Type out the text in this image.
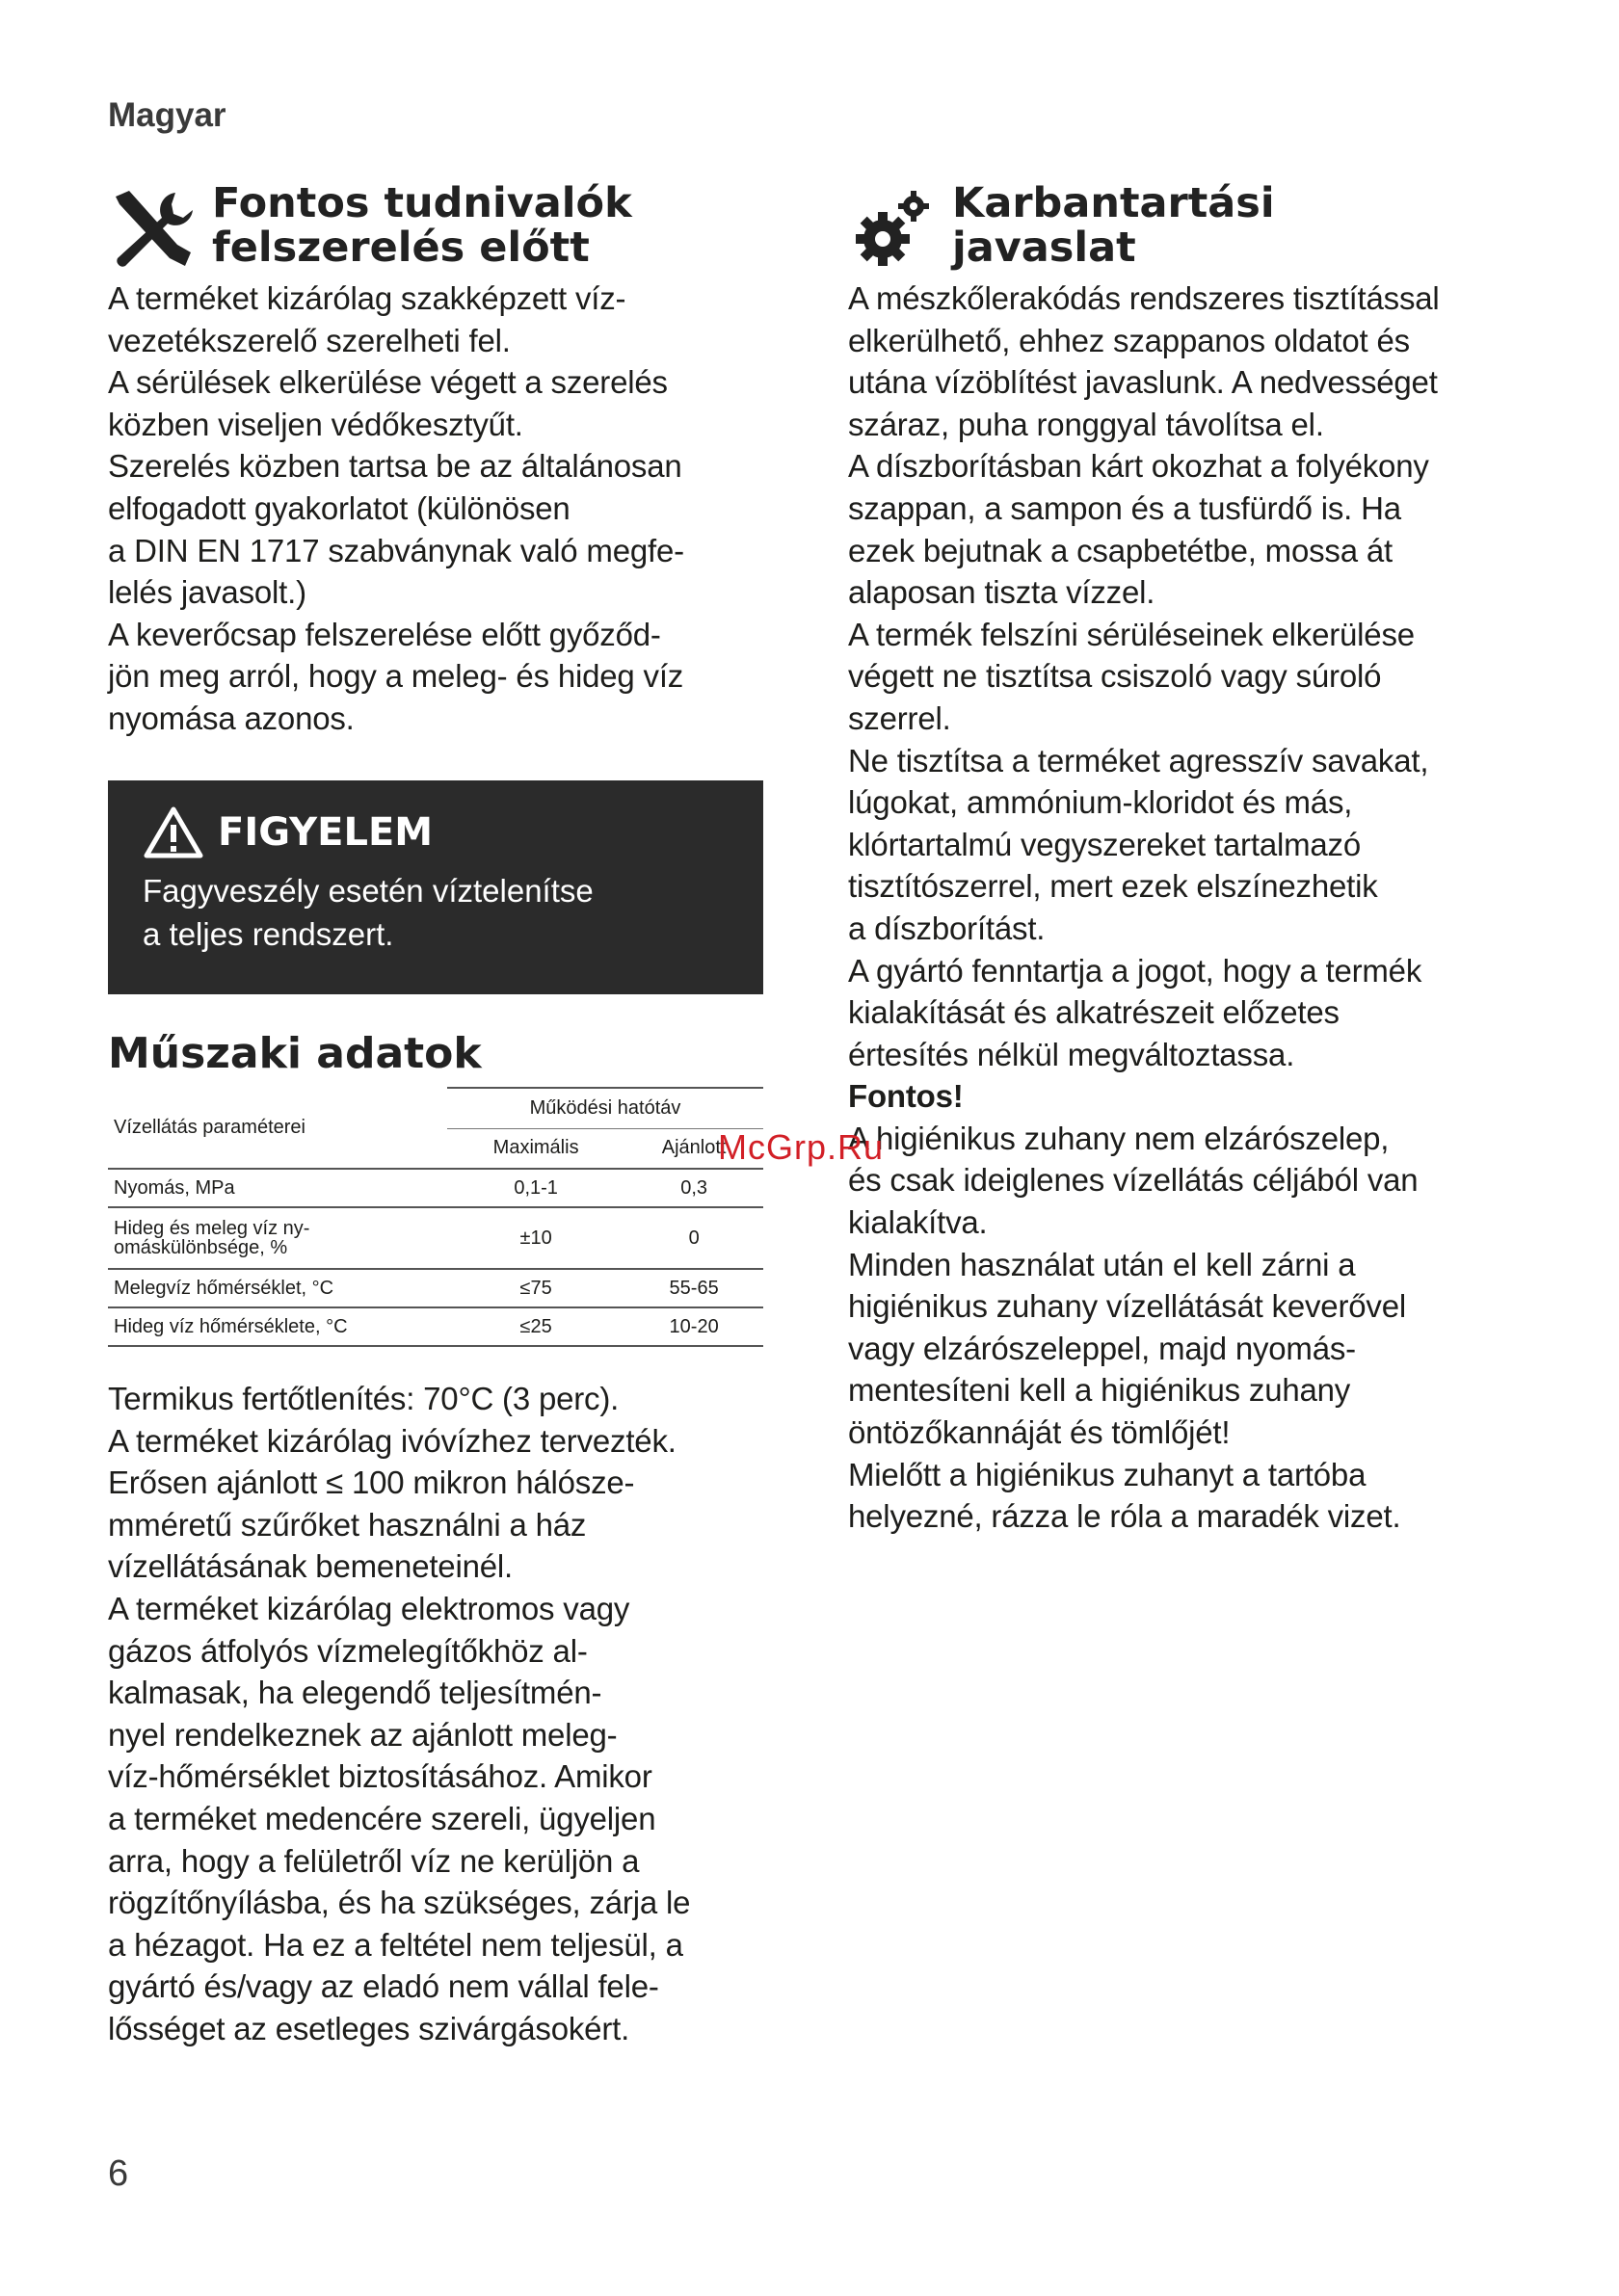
Magyar
Fontos tudnivalók
felszerelés előtt
A terméket kizárólag szakképzett víz-
vezetékszerelő szerelheti fel.
A sérülések elkerülése végett a szerelés
közben viseljen védőkesztyűt.
Szerelés közben tartsa be az általánosan
elfogadott gyakorlatot (különösen
a DIN EN 1717 szabványnak való megfe-
lelés javasolt.)
A keverőcsap felszerelése előtt győződ-
jön meg arról, hogy a meleg- és hideg víz
nyomása azonos.
FIGYELEM
Fagyveszély esetén víztelenítse
a teljes rendszert.
Műszaki adatok
Vízellátás paraméterei	Működési hatótáv	
	Maximális	Ajánlott
Nyomás, MPa	0,1-1	0,3
Hideg és meleg víz ny-
omáskülönbsége, %	±10	0
Melegvíz hőmérséklet, °C	≤75	55-65
Hideg víz hőmérséklete, °C	≤25	10-20
Termikus fertőtlenítés: 70°C (3 perc).
A terméket kizárólag ivóvízhez tervezték.
Erősen ajánlott ≤ 100 mikron hálósze-
mméretű szűrőket használni a ház
vízellátásának bemeneteinél.
A terméket kizárólag elektromos vagy
gázos átfolyós vízmelegítőkhöz al-
kalmasak, ha elegendő teljesítmén-
nyel rendelkeznek az ajánlott meleg-
víz-hőmérséklet biztosításához. Amikor
a terméket medencére szereli, ügyeljen
arra, hogy a felületről víz ne kerüljön a
rögzítőnyílásba, és ha szükséges, zárja le
a hézagot. Ha ez a feltétel nem teljesül, a
gyártó és/vagy az eladó nem vállal fele-
lősséget az esetleges szivárgásokért.
Karbantartási
javaslat
A mészkőlerakódás rendszeres tisztítással
elkerülhető, ehhez szappanos oldatot és
utána vízöblítést javaslunk. A nedvességet
száraz, puha ronggyal távolítsa el.
A díszborításban kárt okozhat a folyékony
szappan, a sampon és a tusfürdő is. Ha
ezek bejutnak a csapbetétbe, mossa át
alaposan tiszta vízzel.
A termék felszíni sérüléseinek elkerülése
végett ne tisztítsa csiszoló vagy súroló
szerrel.
Ne tisztítsa a terméket agresszív savakat,
lúgokat, ammónium-kloridot és más,
klórtartalmú vegyszereket tartalmazó
tisztítószerrel, mert ezek elszínezhetik
a díszborítást.
A gyártó fenntartja a jogot, hogy a termék
kialakítását és alkatrészeit előzetes
értesítés nélkül megváltoztassa.
Fontos!
A higiénikus zuhany nem elzárószelep,
és csak ideiglenes vízellátás céljából van
kialakítva.
Minden használat után el kell zárni a
higiénikus zuhany vízellátását keverővel
vagy elzárószeleppel, majd nyomás-
mentesíteni kell a higiénikus zuhany
öntözőkannáját és tömlőjét!
Mielőtt a higiénikus zuhanyt a tartóba
helyezné, rázza le róla a maradék vizet.
McGrp.Ru
6
